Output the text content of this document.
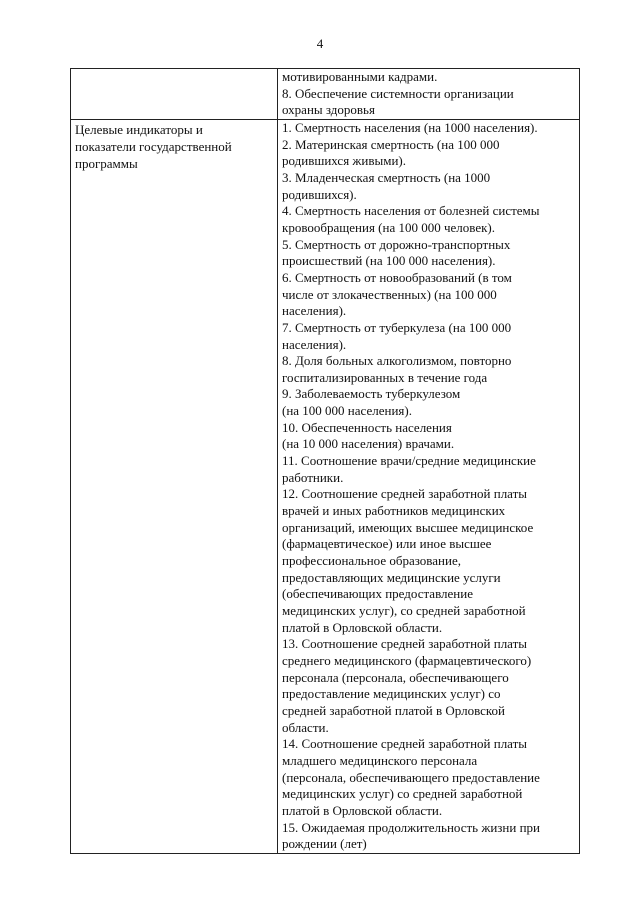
4
мотивированными кадрами.
8. Обеспечение системности организации
охраны здоровья
Целевые индикаторы и
показатели государственной
программы
1. Смертность населения (на 1000 населения).
2. Материнская смертность (на 100 000
родившихся живыми).
3. Младенческая смертность (на 1000
родившихся).
4. Смертность населения от болезней системы
кровообращения (на 100 000 человек).
5. Смертность от дорожно-транспортных
происшествий (на 100 000 населения).
6. Смертность от новообразований (в том
числе от злокачественных) (на 100 000
населения).
7. Смертность от туберкулеза (на 100 000
населения).
8. Доля больных алкоголизмом, повторно
госпитализированных в течение года
9. Заболеваемость туберкулезом
(на 100 000 населения).
10. Обеспеченность населения
(на 10 000 населения) врачами.
11. Соотношение врачи/средние медицинские
работники.
12. Соотношение средней заработной платы
врачей и иных работников медицинских
организаций, имеющих высшее медицинское
(фармацевтическое) или иное высшее
профессиональное образование,
предоставляющих медицинские услуги
(обеспечивающих предоставление
медицинских услуг), со средней заработной
платой в Орловской области.
13. Соотношение средней заработной платы
среднего медицинского (фармацевтического)
персонала (персонала, обеспечивающего
предоставление медицинских услуг) со
средней заработной платой в Орловской
области.
14. Соотношение средней заработной платы
младшего медицинского персонала
(персонала, обеспечивающего предоставление
медицинских услуг) со средней заработной
платой в Орловской области.
15. Ожидаемая продолжительность жизни при
рождении (лет)
